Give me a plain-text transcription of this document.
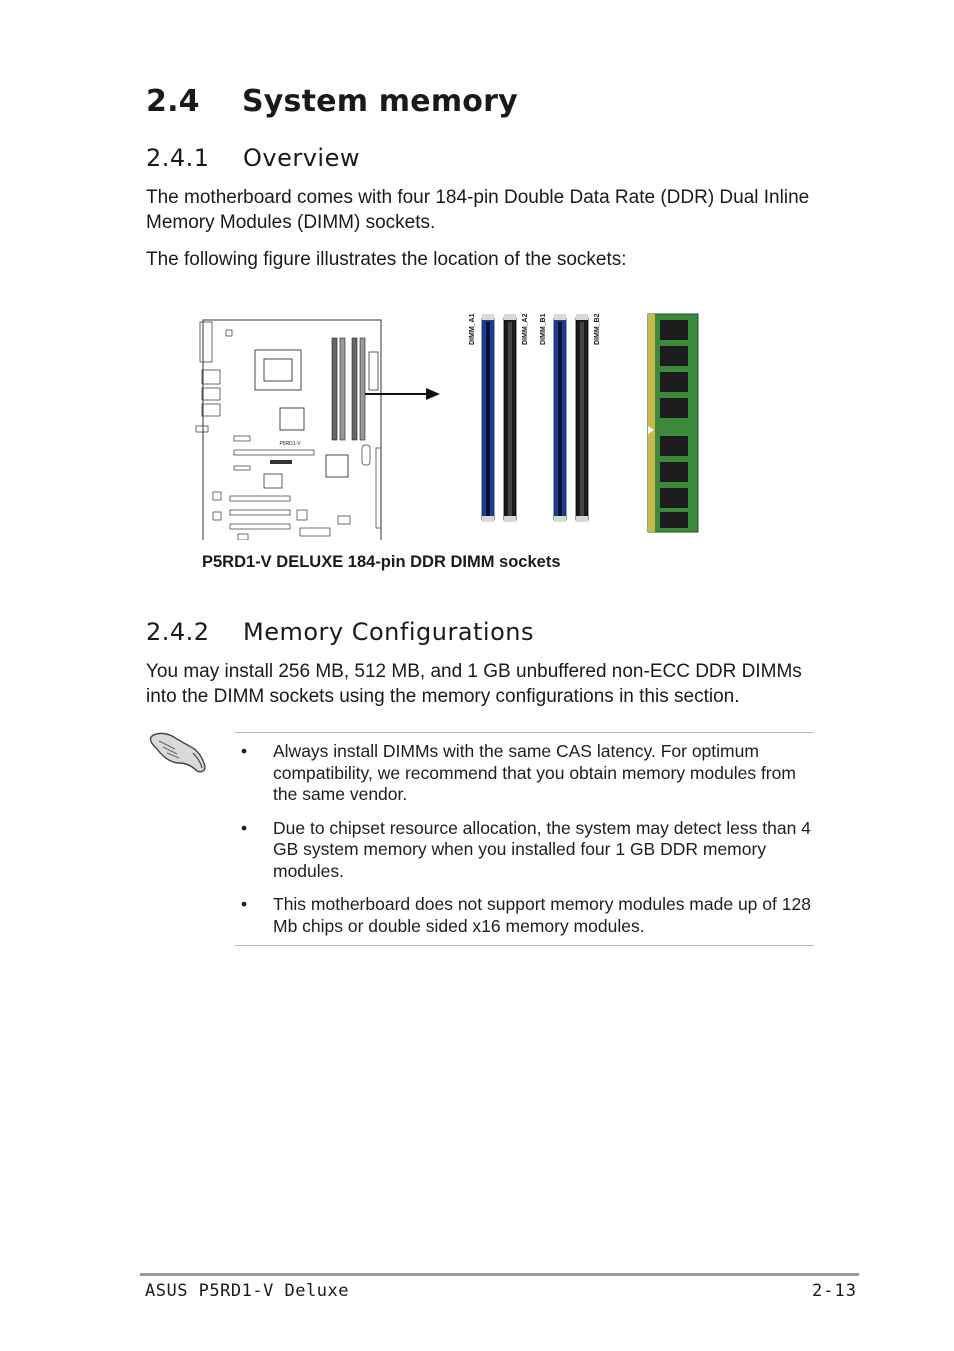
2.4 System memory
2.4.1 Overview
The motherboard comes with four 184-pin Double Data Rate (DDR) Dual Inline Memory Modules (DIMM) sockets.
The following figure illustrates the location of the sockets:
P5RD1-V
DIMM_A1	DIMM_A2 DIMM_B1	DIMM_B2
P5RD1-V DELUXE 184-pin DDR DIMM sockets
2.4.2 Memory Configurations
You may install 256 MB, 512 MB, and 1 GB unbuffered non-ECC DDR DIMMs into the DIMM sockets using the memory configurations in this section.
• Always install DIMMs with the same CAS latency. For optimum compatibility, we recommend that you obtain memory modules from the same vendor.
• Due to chipset resource allocation, the system may detect less than 4 GB system memory when you installed four 1 GB DDR memory modules.
• This motherboard does not support memory modules made up of 128 Mb chips or double sided x16 memory modules.
ASUS P5RD1-V Deluxe	2-13
